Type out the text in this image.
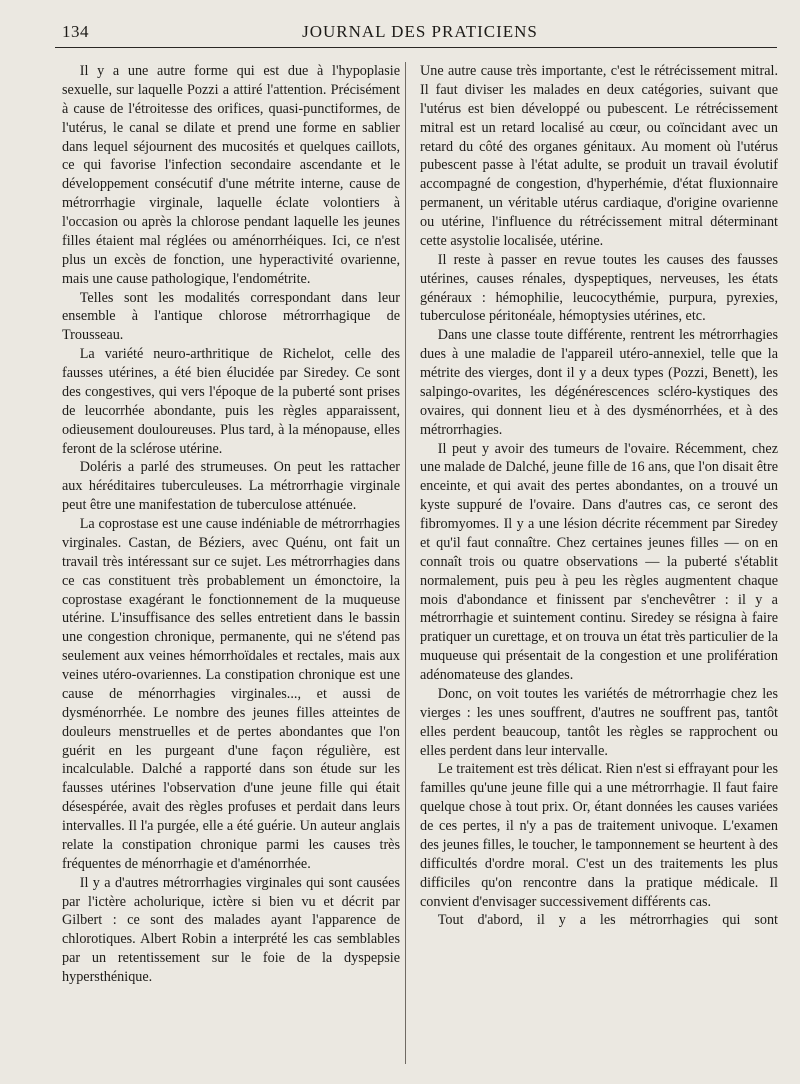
134	JOURNAL DES PRATICIENS

Il y a une autre forme qui est due à l'hypoplasie sexuelle, sur laquelle Pozzi a attiré l'attention. Précisément à cause de l'étroitesse des orifices, quasi-punctiformes, de l'utérus, le canal se dilate et prend une forme en sablier dans lequel séjournent des mucosités et quelques caillots, ce qui favorise l'infection secondaire ascendante et le développement consécutif d'une métrite interne, cause de métrorrhagie virginale, laquelle éclate volontiers à l'occasion ou après la chlorose pendant laquelle les jeunes filles étaient mal réglées ou aménorrhéiques. Ici, ce n'est plus un excès de fonction, une hyperactivité ovarienne, mais une cause pathologique, l'endométrite.

Telles sont les modalités correspondant dans leur ensemble à l'antique chlorose métrorrhagique de Trousseau.

La variété neuro-arthritique de Richelot, celle des fausses utérines, a été bien élucidée par Siredey. Ce sont des congestives, qui vers l'époque de la puberté sont prises de leucorrhée abondante, puis les règles apparaissent, odieusement douloureuses. Plus tard, à la ménopause, elles feront de la sclérose utérine.

Doléris a parlé des strumeuses. On peut les rattacher aux héréditaires tuberculeuses. La métrorrhagie virginale peut être une manifestation de tuberculose atténuée.

La coprostase est une cause indéniable de métrorrhagies virginales. Castan, de Béziers, avec Quénu, ont fait un travail très intéressant sur ce sujet. Les métrorrhagies dans ce cas constituent très probablement un émonctoire, la coprostase exagérant le fonctionnement de la muqueuse utérine. L'insuffisance des selles entretient dans le bassin une congestion chronique, permanente, qui ne s'étend pas seulement aux veines hémorrhoïdales et rectales, mais aux veines utéro-ovariennes. La constipation chronique est une cause de ménorrhagies virginales..., et aussi de dysménorrhée. Le nombre des jeunes filles atteintes de douleurs menstruelles et de pertes abondantes que l'on guérit en les purgeant d'une façon régulière, est incalculable. Dalché a rapporté dans son étude sur les fausses utérines l'observation d'une jeune fille qui était désespérée, avait des règles profuses et perdait dans leurs intervalles. Il l'a purgée, elle a été guérie. Un auteur anglais relate la constipation chronique parmi les causes très fréquentes de ménorrhagie et d'aménorrhée.

Il y a d'autres métrorrhagies virginales qui sont causées par l'ictère acholurique, ictère si bien vu et décrit par Gilbert : ce sont des malades ayant l'apparence de chlorotiques. Albert Robin a interprété les cas semblables par un retentissement sur le foie de la dyspepsie hypersthénique.

Une autre cause très importante, c'est le rétrécissement mitral. Il faut diviser les malades en deux catégories, suivant que l'utérus est bien développé ou pubescent. Le rétrécissement mitral est un retard localisé au cœur, ou coïncidant avec un retard du côté des organes génitaux. Au moment où l'utérus pubescent passe à l'état adulte, se produit un travail évolutif accompagné de congestion, d'hyperhémie, d'état fluxionnaire permanent, un véritable utérus cardiaque, d'origine ovarienne ou utérine, l'influence du rétrécissement mitral déterminant cette asystolie localisée, utérine.

Il reste à passer en revue toutes les causes des fausses utérines, causes rénales, dyspeptiques, nerveuses, les états généraux : hémophilie, leucocythémie, purpura, pyrexies, tuberculose péritonéale, hémoptysies utérines, etc.

Dans une classe toute différente, rentrent les métrorrhagies dues à une maladie de l'appareil utéro-annexiel, telle que la métrite des vierges, dont il y a deux types (Pozzi, Benett), les salpingo-ovarites, les dégénérescences scléro-kystiques des ovaires, qui donnent lieu et à des dysménorrhées, et à des métrorrhagies.

Il peut y avoir des tumeurs de l'ovaire. Récemment, chez une malade de Dalché, jeune fille de 16 ans, que l'on disait être enceinte, et qui avait des pertes abondantes, on a trouvé un kyste suppuré de l'ovaire. Dans d'autres cas, ce seront des fibromyomes. Il y a une lésion décrite récemment par Siredey et qu'il faut connaître. Chez certaines jeunes filles — on en connaît trois ou quatre observations — la puberté s'établit normalement, puis peu à peu les règles augmentent chaque mois d'abondance et finissent par s'enchevêtrer : il y a métrorrhagie et suintement continu. Siredey se résigna à faire pratiquer un curettage, et on trouva un état très particulier de la muqueuse qui présentait de la congestion et une prolifération adénomateuse des glandes.

Donc, on voit toutes les variétés de métrorrhagie chez les vierges : les unes souffrent, d'autres ne souffrent pas, tantôt elles perdent beaucoup, tantôt les règles se rapprochent ou elles perdent dans leur intervalle.

Le traitement est très délicat. Rien n'est si effrayant pour les familles qu'une jeune fille qui a une métrorrhagie. Il faut faire quelque chose à tout prix. Or, étant données les causes variées de ces pertes, il n'y a pas de traitement univoque. L'examen des jeunes filles, le toucher, le tamponnement se heurtent à des difficultés d'ordre moral. C'est un des traitements les plus difficiles qu'on rencontre dans la pratique médicale. Il convient d'envisager successivement différents cas.

Tout d'abord, il y a les métrorrhagies qui sont
